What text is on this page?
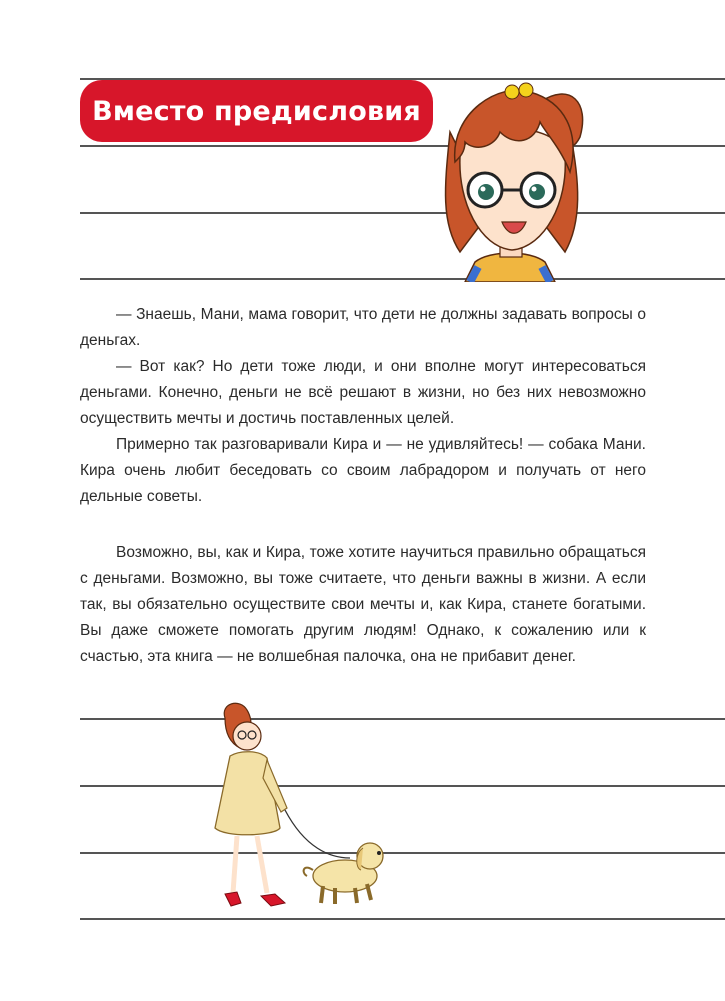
Вместо предисловия

— Знаешь, Мани, мама говорит, что дети не должны задавать вопросы о деньгах.

— Вот как? Но дети тоже люди, и они вполне могут интересоваться деньгами. Конечно, деньги не всё решают в жизни, но без них невозможно осуществить мечты и достичь поставленных целей.

Примерно так разговаривали Кира и — не удивляйтесь! — собака Мани. Кира очень любит беседовать со своим лабрадором и получать от него дельные советы.

Возможно, вы, как и Кира, тоже хотите научиться правильно обращаться с деньгами. Возможно, вы тоже считаете, что деньги важны в жизни. А если так, вы обязательно осуществите свои мечты и, как Кира, станете богатыми. Вы даже сможете помогать другим людям! Однако, к сожалению или к счастью, эта книга — не волшебная палочка, она не прибавит денег.
